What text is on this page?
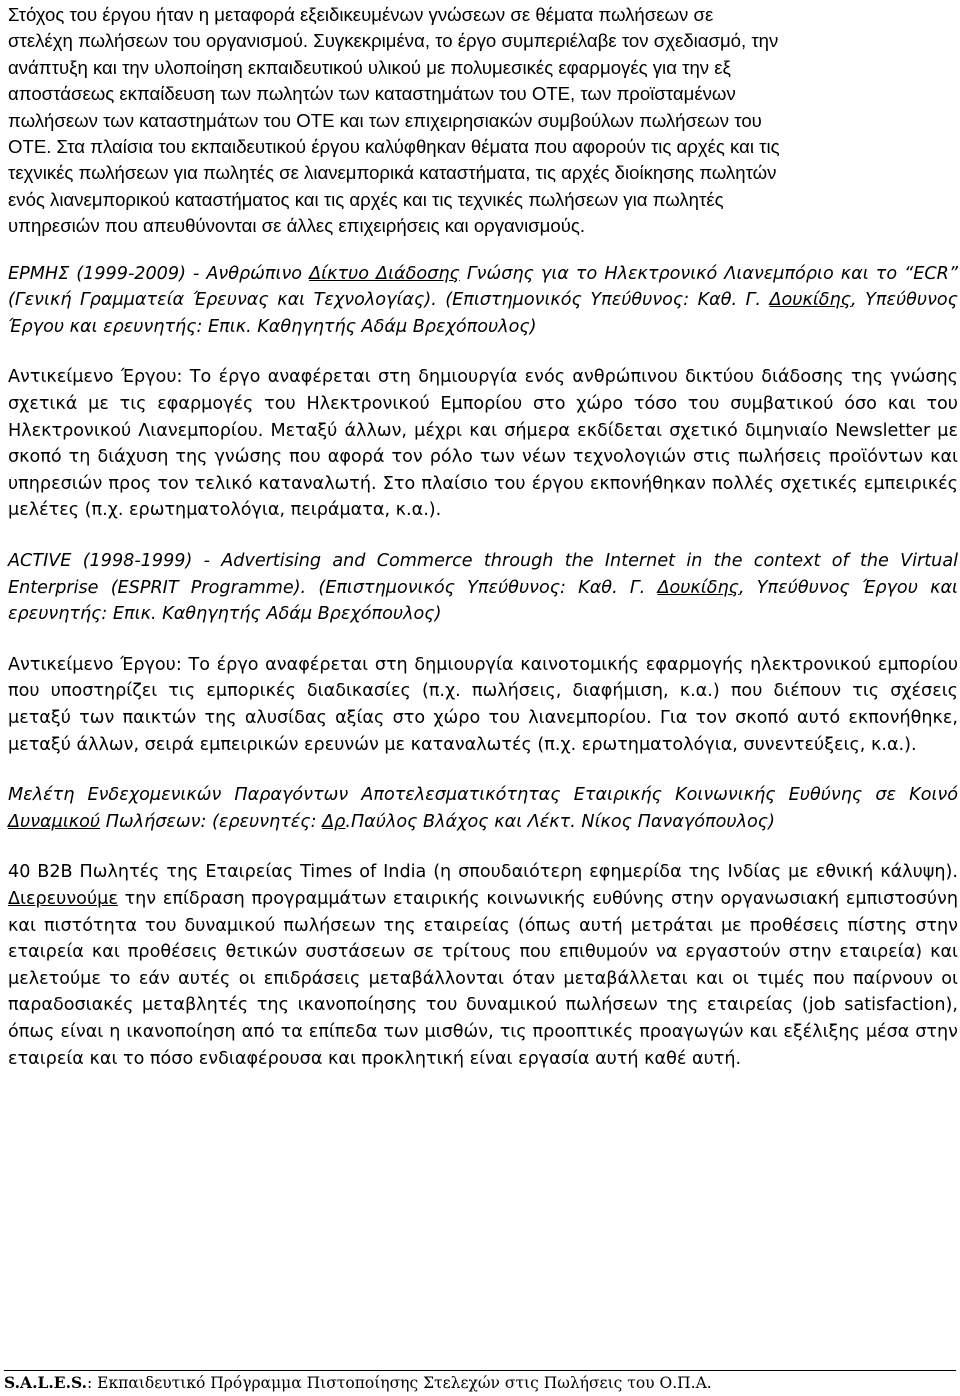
Στόχος του έργου ήταν η μεταφορά εξειδικευμένων γνώσεων σε θέματα πωλήσεων σε

στελέχη πωλήσεων του οργανισμού. Συγκεκριμένα, το έργο συμπεριέλαβε τον σχεδιασμό, την

ανάπτυξη και την υλοποίηση εκπαιδευτικού υλικού με πολυμεσικές εφαρμογές για την εξ

αποστάσεως εκπαίδευση των πωλητών των καταστημάτων του ΟΤΕ, των προϊσταμένων

πωλήσεων των καταστημάτων του ΟΤΕ και των επιχειρησιακών συμβούλων πωλήσεων του

ΟΤΕ. Στα πλαίσια του εκπαιδευτικού έργου καλύφθηκαν θέματα που αφορούν τις αρχές και τις

τεχνικές πωλήσεων για πωλητές σε λιανεμπορικά καταστήματα, τις αρχές διοίκησης πωλητών

ενός λιανεμπορικού καταστήματος και τις αρχές και τις τεχνικές πωλήσεων για πωλητές

υπηρεσιών που απευθύνονται σε άλλες επιχειρήσεις και οργανισμούς.

ΕΡΜΗΣ (1999-2009) - Ανθρώπινο Δίκτυο Διάδοσης Γνώσης για το Ηλεκτρονικό Λιανεμπόριο και το “ECR” (Γενική Γραμματεία Έρευνας και Τεχνολογίας). (Επιστημονικός Υπεύθυνος: Καθ. Γ. Δουκίδης, Υπεύθυνος Έργου και ερευνητής: Επικ. Καθηγητής Αδάμ Βρεχόπουλος)

Αντικείμενο Έργου: Το έργο αναφέρεται στη δημιουργία ενός ανθρώπινου δικτύου διάδοσης της γνώσης σχετικά με τις εφαρμογές του Ηλεκτρονικού Εμπορίου στο χώρο τόσο του συμβατικού όσο και του Ηλεκτρονικού Λιανεμπορίου. Μεταξύ άλλων, μέχρι και σήμερα εκδίδεται σχετικό διμηνιαίο Newsletter με σκοπό τη διάχυση της γνώσης που αφορά τον ρόλο των νέων τεχνολογιών στις πωλήσεις προϊόντων και υπηρεσιών προς τον τελικό καταναλωτή. Στο πλαίσιο του έργου εκπονήθηκαν πολλές σχετικές εμπειρικές μελέτες (π.χ. ερωτηματολόγια, πειράματα, κ.α.).

ACTIVE (1998-1999) - Advertising and Commerce through the Internet in the context of the Virtual Enterprise (ESPRIT Programme). (Επιστημονικός Υπεύθυνος: Καθ. Γ. Δουκίδης, Υπεύθυνος Έργου και ερευνητής: Επικ. Καθηγητής Αδάμ Βρεχόπουλος)

Αντικείμενο Έργου: Το έργο αναφέρεται στη δημιουργία καινοτομικής εφαρμογής ηλεκτρονικού εμπορίου που υποστηρίζει τις εμπορικές διαδικασίες (π.χ. πωλήσεις, διαφήμιση, κ.α.) που διέπουν τις σχέσεις μεταξύ των παικτών της αλυσίδας αξίας στο χώρο του λιανεμπορίου. Για τον σκοπό αυτό εκπονήθηκε, μεταξύ άλλων, σειρά εμπειρικών ερευνών με καταναλωτές (π.χ. ερωτηματολόγια, συνεντεύξεις, κ.α.).

Μελέτη Ενδεχομενικών Παραγόντων Αποτελεσματικότητας Εταιρικής Κοινωνικής Ευθύνης σε Κοινό Δυναμικού Πωλήσεων: (ερευνητές: Δρ.Παύλος Βλάχος και Λέκτ. Νίκος Παναγόπουλος)

40 B2B Πωλητές της Εταιρείας Times of India (η σπουδαιότερη εφημερίδα της Ινδίας με εθνική κάλυψη). Διερευνούμε την επίδραση προγραμμάτων εταιρικής κοινωνικής ευθύνης στην οργανωσιακή εμπιστοσύνη και πιστότητα του δυναμικού πωλήσεων της εταιρείας (όπως αυτή μετράται με προθέσεις πίστης στην εταιρεία και προθέσεις θετικών συστάσεων σε τρίτους που επιθυμούν να εργαστούν στην εταιρεία) και μελετούμε το εάν αυτές οι επιδράσεις μεταβάλλονται όταν μεταβάλλεται και οι τιμές που παίρνουν οι παραδοσιακές μεταβλητές της ικανοποίησης του δυναμικού πωλήσεων της εταιρείας (job satisfaction), όπως είναι η ικανοποίηση από τα επίπεδα των μισθών, τις προοπτικές προαγωγών και εξέλιξης μέσα στην εταιρεία και το πόσο ενδιαφέρουσα και προκλητική είναι εργασία αυτή καθέ αυτή.

S.A.L.E.S.: Εκπαιδευτικό Πρόγραμμα Πιστοποίησης Στελεχών στις Πωλήσεις του Ο.Π.Α.
